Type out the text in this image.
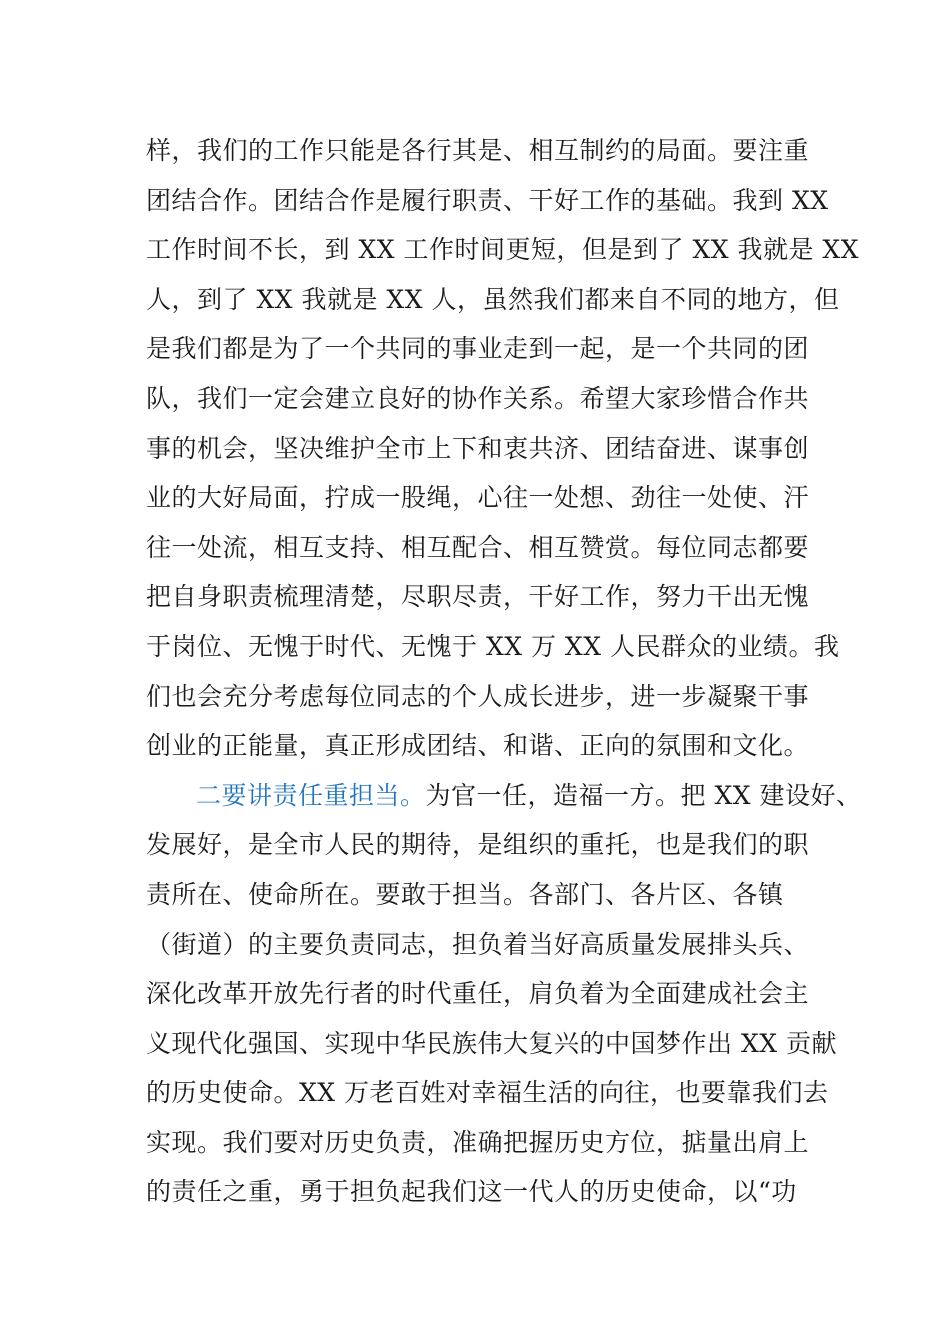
样，我们的工作只能是各行其是、相互制约的局面。要注重
团结合作。团结合作是履行职责、干好工作的基础。我到 XX
工作时间不长，到 XX 工作时间更短，但是到了 XX 我就是 XX
人，到了 XX 我就是 XX 人，虽然我们都来自不同的地方，但
是我们都是为了一个共同的事业走到一起，是一个共同的团
队，我们一定会建立良好的协作关系。希望大家珍惜合作共
事的机会，坚决维护全市上下和衷共济、团结奋进、谋事创
业的大好局面，拧成一股绳，心往一处想、劲往一处使、汗
往一处流，相互支持、相互配合、相互赞赏。每位同志都要
把自身职责梳理清楚，尽职尽责，干好工作，努力干出无愧
于岗位、无愧于时代、无愧于 XX 万 XX 人民群众的业绩。我
们也会充分考虑每位同志的个人成长进步，进一步凝聚干事
创业的正能量，真正形成团结、和谐、正向的氛围和文化。
二要讲责任重担当。为官一任，造福一方。把 XX 建设好、
发展好，是全市人民的期待，是组织的重托，也是我们的职
责所在、使命所在。要敢于担当。各部门、各片区、各镇
（街道）的主要负责同志，担负着当好高质量发展排头兵、
深化改革开放先行者的时代重任，肩负着为全面建成社会主
义现代化强国、实现中华民族伟大复兴的中国梦作出 XX 贡献
的历史使命。XX 万老百姓对幸福生活的向往，也要靠我们去
实现。我们要对历史负责，准确把握历史方位，掂量出肩上
的责任之重，勇于担负起我们这一代人的历史使命，以“功
